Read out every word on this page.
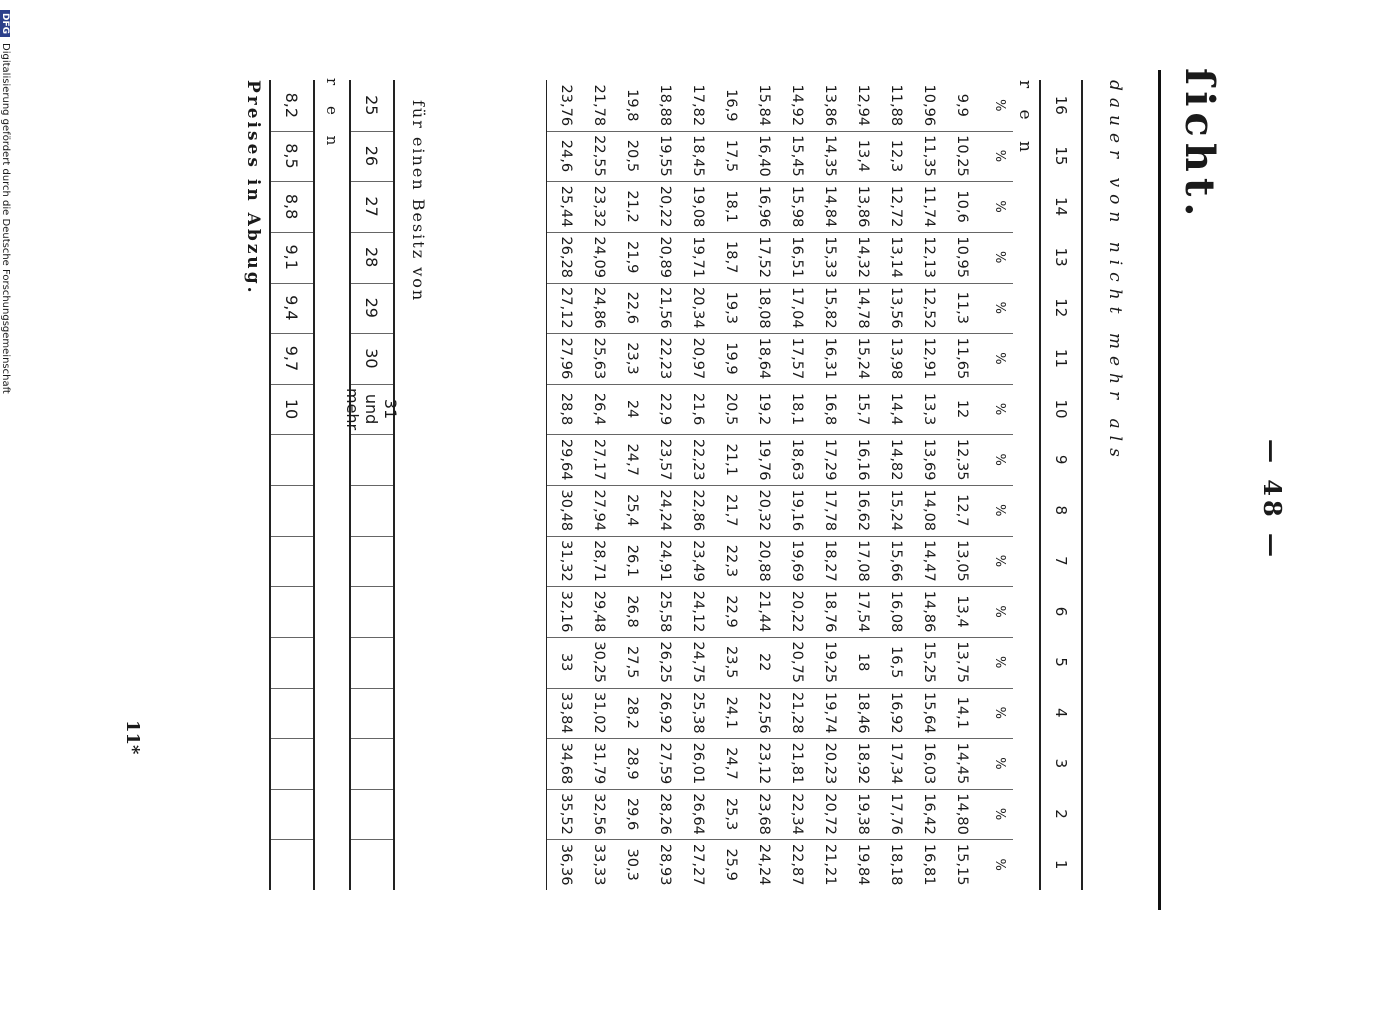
— 48 —
ſicht.
dauer von nicht mehr als
16
15
14
13
12
11
10
9
8
7
6
5
4
3
2
1
r e n
%
%
%
%
%
%
%
%
%
%
%
%
%
%
%
%
9,9
10,25
10,6
10,95
11,3
11,65
12
12,35
12,7
13,05
13,4
13,75
14,1
14,45
14,80
15,15
10,96
11,35
11,74
12,13
12,52
12,91
13,3
13,69
14,08
14,47
14,86
15,25
15,64
16,03
16,42
16,81
11,88
12,3
12,72
13,14
13,56
13,98
14,4
14,82
15,24
15,66
16,08
16,5
16,92
17,34
17,76
18,18
12,94
13,4
13,86
14,32
14,78
15,24
15,7
16,16
16,62
17,08
17,54
18
18,46
18,92
19,38
19,84
13,86
14,35
14,84
15,33
15,82
16,31
16,8
17,29
17,78
18,27
18,76
19,25
19,74
20,23
20,72
21,21
14,92
15,45
15,98
16,51
17,04
17,57
18,1
18,63
19,16
19,69
20,22
20,75
21,28
21,81
22,34
22,87
15,84
16,40
16,96
17,52
18,08
18,64
19,2
19,76
20,32
20,88
21,44
22
22,56
23,12
23,68
24,24
16,9
17,5
18,1
18,7
19,3
19,9
20,5
21,1
21,7
22,3
22,9
23,5
24,1
24,7
25,3
25,9
17,82
18,45
19,08
19,71
20,34
20,97
21,6
22,23
22,86
23,49
24,12
24,75
25,38
26,01
26,64
27,27
18,88
19,55
20,22
20,89
21,56
22,23
22,9
23,57
24,24
24,91
25,58
26,25
26,92
27,59
28,26
28,93
19,8
20,5
21,2
21,9
22,6
23,3
24
24,7
25,4
26,1
26,8
27,5
28,2
28,9
29,6
30,3
21,78
22,55
23,32
24,09
24,86
25,63
26,4
27,17
27,94
28,71
29,48
30,25
31,02
31,79
32,56
33,33
23,76
24,6
25,44
26,28
27,12
27,96
28,8
29,64
30,48
31,32
32,16
33
33,84
34,68
35,52
36,36
für einen Besitz von
25
26
27
28
29
30
31 und mehr
r e n
8,2
8,5
8,8
9,1
9,4
9,7
10
Preises in Abzug.
11*
DFGDigitalisierung gefördert durch die Deutsche Forschungsgemeinschaft
